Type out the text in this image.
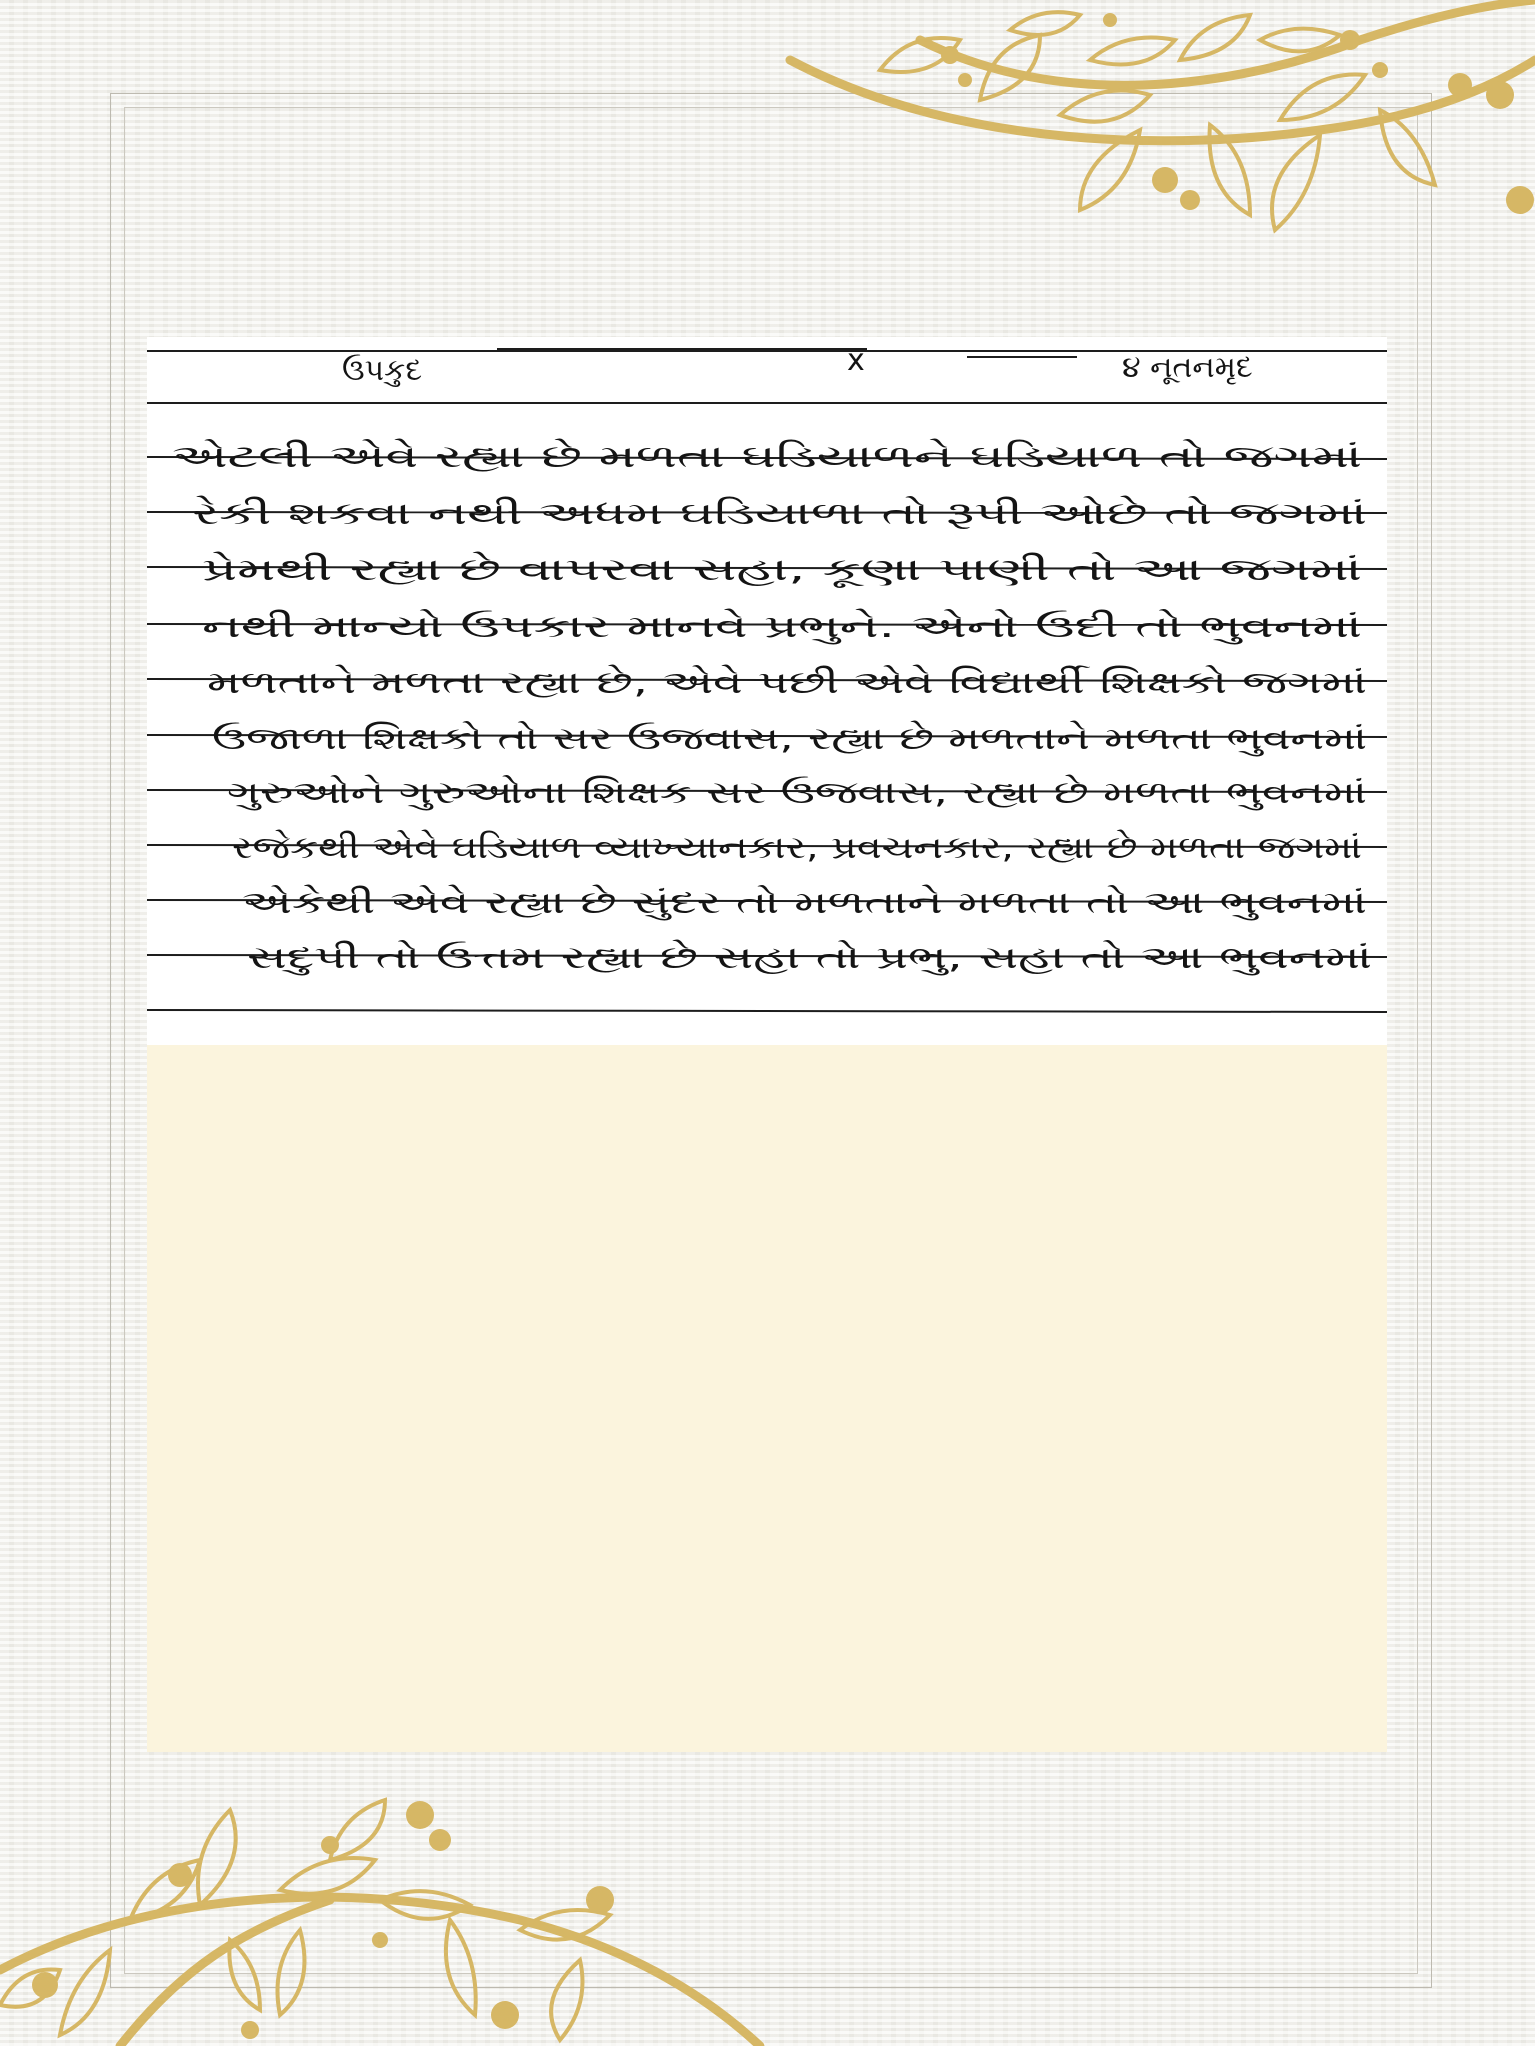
ઉપકુદ	x	૪ નૂતનમૃદ
એટલી એવે રહ્યા છે મળતા ઘડિયાળને ઘડિયાળ તો જગમાં
રેકી શકવા નથી અધમ ઘડિયાળા તો રૂપી ઓછે તો જગમાં
પ્રેમથી રહ્યા છે વાપરવા સહા, કૂણા પાણી તો આ જગમાં
નથી માન્યો ઉપકાર માનવે પ્રભુને. એનો ઉદી તો ભુવનમાં
મળતાને મળતા રહ્યા છે, એવે પછી એવે વિદ્યાર્થી શિક્ષકો જગમાં
ઉજાળા શિક્ષકો તો સર ઉજવાસ, રહ્યા છે મળતાને મળતા ભુવનમાં
ગુરુઓને ગુરુઓના શિક્ષક સર ઉજવાસ, રહ્યા છે મળતા ભુવનમાં
રજેકથી એવે ઘડિયાળ વ્યાખ્યાનકાર, પ્રવચનકાર, રહ્યા છે મળતા જગમાં
એકેથી એવે રહ્યા છે સુંદર તો મળતાને મળતા તો આ ભુવનમાં
સદુપી તો ઉત્તમ રહ્યા છે સહા તો પ્રભુ, સહા તો આ ભુવનમાં
